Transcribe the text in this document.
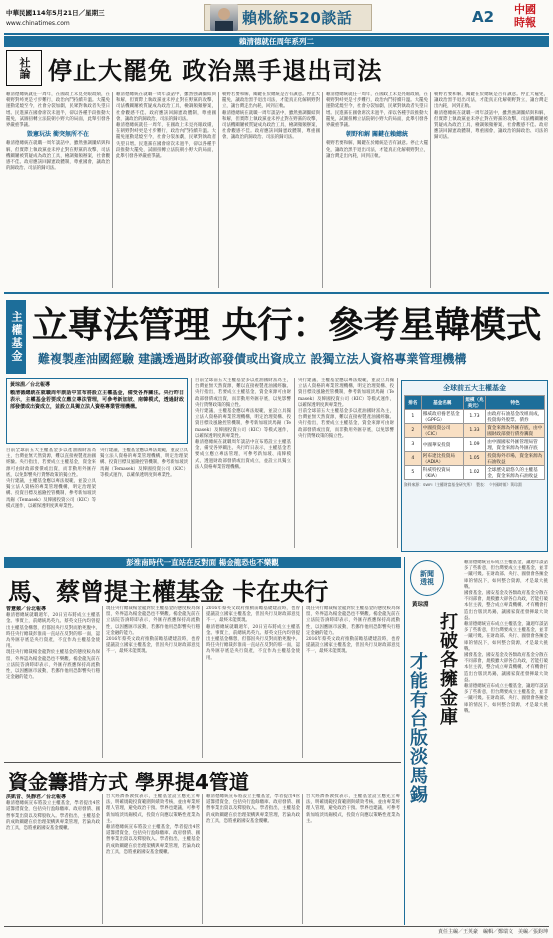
中華民國114年5月21日／星期三
www.chinatimes.com	賴桃統520談話	A2	中國
時報
賴清德就任周年系列二
社論 停止大罷免 政治黑手退出司法

賴清德總統就任一周年，在國政上未見亮眼政績，在朝野對峙更是寸步難行，政治內鬥持續升溫。大罷免運動延燒至今，社會分裂加劇，民眾對執政者失望日增。民進黨在國會席次未過半，卻以各種手段推動大罷免，試圖扭轉立法院朝小野大的局面，此舉引發各界嚴重爭議。

毀憲玩法 衝突無所不在

賴清德總統在就職一周年談話中，雖然強調團結與和解，但實際上執政黨並未停止對在野黨的攻擊，司法機關屢被質疑成為政治工具，檢調頻頻辦案，社會觀感不佳。政府應該回歸憲政體制，尊重國會，讓政治的歸政治、司法的歸司法。

賴清德總統在就職一周年談話中，雖然強調團結與和解，但實際上執政黨並未停止對在野黨的攻擊，司法機關屢被質疑成為政治工具，檢調頻頻辦案，社會觀感不佳。政府應該回歸憲政體制，尊重國會，讓政治的歸政治、司法的歸司法。

賴清德總統就任一周年，在國政上未見亮眼政績，在朝野對峙更是寸步難行，政治內鬥持續升溫。大罷免運動延燒至今，社會分裂加劇，民眾對執政者失望日增。民進黨在國會席次未過半，卻以各種手段推動大罷免，試圖扭轉立法院朝小野大的局面，此舉引發各界嚴重爭議。

朝野若要和解，關鍵在於總統是否有誠意。停止大罷免，讓政治黑手退出司法，才能真正化解朝野對立，讓台灣走出內耗，回到正軌。

賴清德總統在就職一周年談話中，雖然強調團結與和解，但實際上執政黨並未停止對在野黨的攻擊，司法機關屢被質疑成為政治工具，檢調頻頻辦案，社會觀感不佳。政府應該回歸憲政體制，尊重國會，讓政治的歸政治、司法的歸司法。

賴清德總統就任一周年，在國政上未見亮眼政績，在朝野對峙更是寸步難行，政治內鬥持續升溫。大罷免運動延燒至今，社會分裂加劇，民眾對執政者失望日增。民進黨在國會席次未過半，卻以各種手段推動大罷免，試圖扭轉立法院朝小野大的局面，此舉引發各界嚴重爭議。

朝野和解 關鍵在賴總統

朝野若要和解，關鍵在於總統是否有誠意。停止大罷免，讓政治黑手退出司法，才能真正化解朝野對立，讓台灣走出內耗，回到正軌。

朝野若要和解，關鍵在於總統是否有誠意。停止大罷免，讓政治黑手退出司法，才能真正化解朝野對立，讓台灣走出內耗，回到正軌。

賴清德總統在就職一周年談話中，雖然強調團結與和解，但實際上執政黨並未停止對在野黨的攻擊，司法機關屢被質疑成為政治工具，檢調頻頻辦案，社會觀感不佳。政府應該回歸憲政體制，尊重國會，讓政治的歸政治、司法的歸司法。

主權基金 立專法管理 央行：參考星韓模式
難複製產油國經驗 建議透過財政部發債或出資成立 設獨立法人資格專業管理機構
黃琮淵／台北報導
賴清德總統在就職周年談話中宣布將設立主權基金，備受各界關注。央行昨日表示，主權基金若要成立應立專法管理，可參考新加坡、南韓模式，透過財政部發債或出資成立，並設立具獨立法人資格專業管理機構。

目前全球前五大主權基金多以產油國財富為主，台灣並無天然資源，難以直接複製產油國經驗。央行指出，若要成立主權基金，資金來源可由財政部發債或出資，而非動用外匯存底，以免影響央行貨幣政策的獨立性。

央行建議，主權基金應以專法規範，並設立具獨立法人資格的專業管理機構，明定治理架構、投資目標及風險控管機制，參考新加坡淡馬錫（Temasek）及韓國投資公司（KIC）等模式運作，以確保透明度與專業性。

央行建議，主權基金應以專法規範，並設立具獨立法人資格的專業管理機構，明定治理架構、投資目標及風險控管機制，參考新加坡淡馬錫（Temasek）及韓國投資公司（KIC）等模式運作，以確保透明度與專業性。

目前全球前五大主權基金多以產油國財富為主，台灣並無天然資源，難以直接複製產油國經驗。央行指出，若要成立主權基金，資金來源可由財政部發債或出資，而非動用外匯存底，以免影響央行貨幣政策的獨立性。

央行建議，主權基金應以專法規範，並設立具獨立法人資格的專業管理機構，明定治理架構、投資目標及風險控管機制，參考新加坡淡馬錫（Temasek）及韓國投資公司（KIC）等模式運作，以確保透明度與專業性。

賴清德總統在就職周年談話中宣布將設立主權基金，備受各界關注。央行昨日表示，主權基金若要成立應立專法管理，可參考新加坡、南韓模式，透過財政部發債或出資成立，並設立具獨立法人資格專業管理機構。

央行建議，主權基金應以專法規範，並設立具獨立法人資格的專業管理機構，明定治理架構、投資目標及風險控管機制，參考新加坡淡馬錫（Temasek）及韓國投資公司（KIC）等模式運作，以確保透明度與專業性。

目前全球前五大主權基金多以產油國財富為主，台灣並無天然資源，難以直接複製產油國經驗。央行指出，若要成立主權基金，資金來源可由財政部發債或出資，而非動用外匯存底，以免影響央行貨幣政策的獨立性。

全球前五大主權基金
排名	基金名稱	規模（兆美元）	特色
1	挪威政府養老基金（GPFG）	1.73	由政府石油基金改組而成，投資海外股票、債券
2	中國投資公司（CIC）	1.33	資金來源為外匯存底，由中國財政部發行債券籌資
3	中國華安投資	1.09	由中國國家外匯管理局管理，資金來源為外匯存底
4	阿布達比投資局（ADIA）	1.05	投資海外市場，資金來源為石油收益
5	科威特投資局（KIA）	1.02	全球歷史最悠久的主權基金，資金來源為石油收益
資料來源：SWFI（主權財富基金研究所）　製表：《中國時報》黃琮淵
彭淮南時代一直站在反對面 楊金龍恐也不樂觀
馬、蔡曾提主權基金 卡在央行

曾薏蘋／台北報導

賴清德總統就職週年，20日宣布將成立主權基金。事實上，前總統馬英九、蔡英文任內均曾提出主權基金構想，但都因央行反對而胎死腹中。時任央行總裁彭淮南一直站在反對的那一面，認為外匯存底是央行資產，不宜作為主權基金使用。

現任央行總裁楊金龍對於主權基金的態度較為保留，外界認為楊金龍恐也不樂觀。楊金龍先前在立法院答詢時即表示，外匯存底應保持高流動性，以因應匯市波動，若挪作他用恐影響央行穩定金融的能力。

現任央行總裁楊金龍對於主權基金的態度較為保留，外界認為楊金龍恐也不樂觀。楊金龍先前在立法院答詢時即表示，外匯存底應保持高流動性，以因應匯市波動，若挪作他用恐影響央行穩定金融的能力。

2016年蔡英文政府推動前瞻基礎建設時，也曾提議設立國家主權基金，但因央行及財政部意見不一，最終未能實現。

2016年蔡英文政府推動前瞻基礎建設時，也曾提議設立國家主權基金，但因央行及財政部意見不一，最終未能實現。

賴清德總統就職週年，20日宣布將成立主權基金。事實上，前總統馬英九、蔡英文任內均曾提出主權基金構想，但都因央行反對而胎死腹中。時任央行總裁彭淮南一直站在反對的那一面，認為外匯存底是央行資產，不宜作為主權基金使用。

現任央行總裁楊金龍對於主權基金的態度較為保留，外界認為楊金龍恐也不樂觀。楊金龍先前在立法院答詢時即表示，外匯存底應保持高流動性，以因應匯市波動，若挪作他用恐影響央行穩定金融的能力。

2016年蔡英文政府推動前瞻基礎建設時，也曾提議設立國家主權基金，但因央行及財政部意見不一，最終未能實現。

資金籌措方式 學界提4管道

洪凱音、吳靜君／台北報導

賴清德總統宣布將設立主權基金，學者提出4管道籌措資金，包括央行盈餘繳庫、政府發債、國營事業出資以及釋股收入。學者指出，主權基金的成敗關鍵在於治理架構與專業管理，若淪為政治工具，恐將重蹈國安基金覆轍。

台大經濟系教授表示，主權基金設立應先立專法，明確規範投資範圍與績效考核，並由專業經理人管理，避免政治干預。學界也建議，可參考新加坡淡馬錫模式，投資方向應以策略性產業為主。

賴清德總統宣布將設立主權基金，學者提出4管道籌措資金，包括央行盈餘繳庫、政府發債、國營事業出資以及釋股收入。學者指出，主權基金的成敗關鍵在於治理架構與專業管理，若淪為政治工具，恐將重蹈國安基金覆轍。

賴清德總統宣布將設立主權基金，學者提出4管道籌措資金，包括央行盈餘繳庫、政府發債、國營事業出資以及釋股收入。學者指出，主權基金的成敗關鍵在於治理架構與專業管理，若淪為政治工具，恐將重蹈國安基金覆轍。

台大經濟系教授表示，主權基金設立應先立專法，明確規範投資範圍與績效考核，並由專業經理人管理，避免政治干預。學界也建議，可參考新加坡淡馬錫模式，投資方向應以策略性產業為主。

新聞透視
黃琮淵
打破各擁金庫
才能有台版淡馬錫

賴清德總統宣布成立主權基金，讓週年談話多了些新意，但台灣要成立主權基金，並非一蹴可幾。在財政部、央行、國發會各擁金庫的情況下，如何整合資源，才是最大挑戰。

國發基金、國安基金及各類政府基金分散在不同部會，規模雖大卻各自為政，若能打破本位主義，整合成立專責機構，才有機會打造出台版淡馬錫，讓國家資產發揮最大效益。

賴清德總統宣布成立主權基金，讓週年談話多了些新意，但台灣要成立主權基金，並非一蹴可幾。在財政部、央行、國發會各擁金庫的情況下，如何整合資源，才是最大挑戰。

國發基金、國安基金及各類政府基金分散在不同部會，規模雖大卻各自為政，若能打破本位主義，整合成立專責機構，才有機會打造出台版淡馬錫，讓國家資產發揮最大效益。

賴清德總統宣布成立主權基金，讓週年談話多了些新意，但台灣要成立主權基金，並非一蹴可幾。在財政部、央行、國發會各擁金庫的情況下，如何整合資源，才是最大挑戰。

責任主編／王英豪　編輯／鄭瑞文　美編／張鈞坤
